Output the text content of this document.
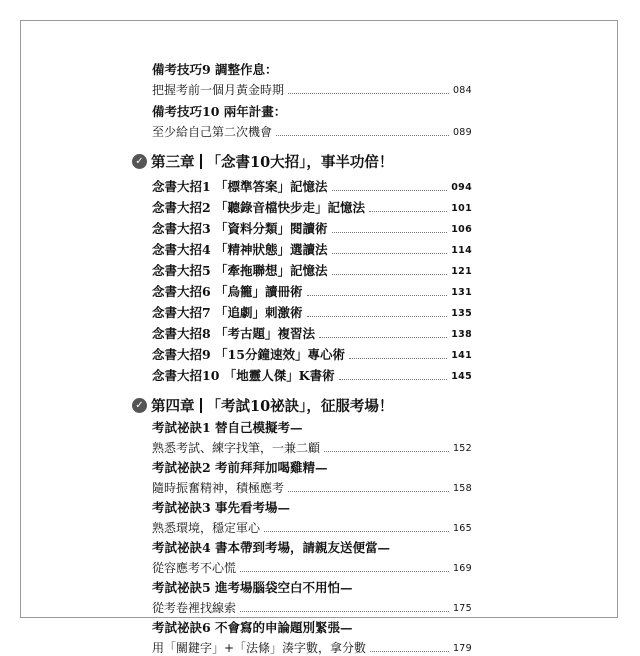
備考技巧9 調整作息：
把握考前一個月黃金時期	084
備考技巧10 兩年計畫：
至少給自己第二次機會	089
✓ 第三章 「念書10大招」，事半功倍！
念書大招1 「標準答案」記憶法	094
念書大招2 「聽錄音檔快步走」記憶法	101
念書大招3 「資料分類」閱讀術	106
念書大招4 「精神狀態」選讀法	114
念書大招5 「牽拖聯想」記憶法	121
念書大招6 「烏籠」讀冊術	131
念書大招7 「追劇」刺激術	135
念書大招8 「考古題」複習法	138
念書大招9 「15分鐘速效」專心術	141
念書大招10 「地靈人傑」K書術	145
✓ 第四章 「考試10祕訣」，征服考場！
考試祕訣1 替自己模擬考—
熟悉考試、練字找筆，一兼二顧	152
考試祕訣2 考前拜拜加喝雞精—
隨時振奮精神，積極應考	158
考試祕訣3 事先看考場—
熟悉環境，穩定軍心	165
考試祕訣4 書本帶到考場，請親友送便當—
從容應考不心慌	169
考試祕訣5 進考場腦袋空白不用怕—
從考卷裡找線索	175
考試祕訣6 不會寫的申論題別緊張—
用「關鍵字」+「法條」湊字數，拿分數	179
